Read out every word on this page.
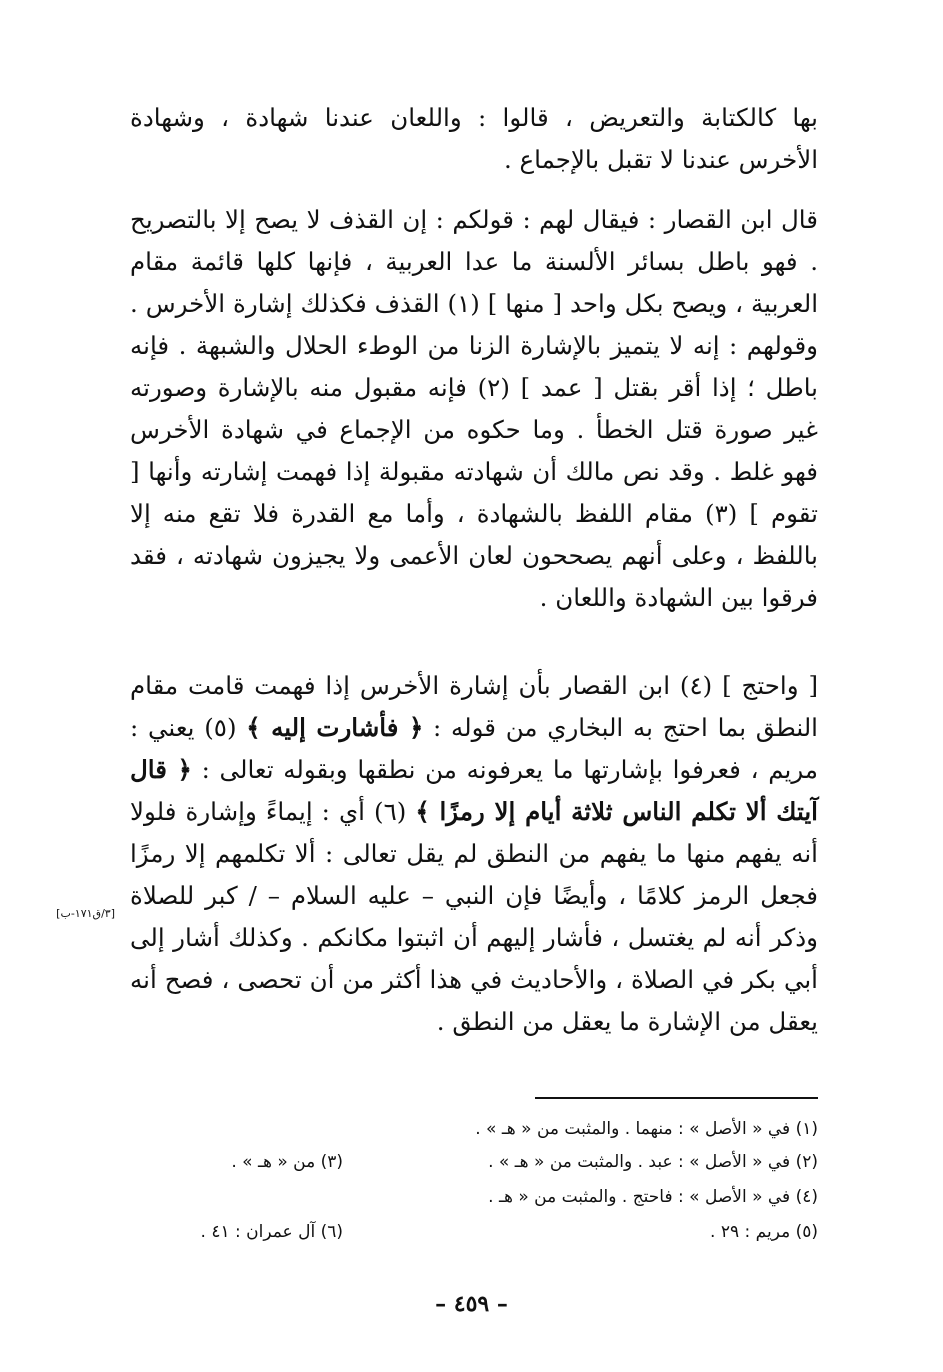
بها كالكتابة والتعريض ، قالوا : واللعان عندنا شهادة ، وشهادة الأخرس عندنا لا تقبل بالإجماع .

قال ابن القصار : فيقال لهم : قولكم : إن القذف لا يصح إلا بالتصريح . فهو باطل بسائر الألسنة ما عدا العربية ، فإنها كلها قائمة مقام العربية ، ويصح بكل واحد [ منها ] (١) القذف فكذلك إشارة الأخرس . وقولهم : إنه لا يتميز بالإشارة الزنا من الوطء الحلال والشبهة . فإنه باطل ؛ إذا أقر بقتل [ عمد ] (٢) فإنه مقبول منه بالإشارة وصورته غير صورة قتل الخطأ . وما حكوه من الإجماع في شهادة الأخرس فهو غلط . وقد نص مالك أن شهادته مقبولة إذا فهمت إشارته وأنها [ تقوم ] (٣) مقام اللفظ بالشهادة ، وأما مع القدرة فلا تقع منه إلا باللفظ ، وعلى أنهم يصححون لعان الأعمى ولا يجيزون شهادته ، فقد فرقوا بين الشهادة واللعان .

[ واحتج ] (٤) ابن القصار بأن إشارة الأخرس إذا فهمت قامت مقام النطق بما احتج به البخاري من قوله : ﴿ فأشارت إليه ﴾ (٥) يعني : مريم ، فعرفوا بإشارتها ما يعرفونه من نطقها وبقوله تعالى : ﴿ قال آيتك ألا تكلم الناس ثلاثة أيام إلا رمزًا ﴾ (٦) أي : إيماءً وإشارة فلولا أنه يفهم منها ما يفهم من النطق لم يقل تعالى : ألا تكلمهم إلا رمزًا فجعل الرمز كلامًا ، وأيضًا فإن النبي – عليه السلام – / كبر للصلاة وذكر أنه لم يغتسل ، فأشار إليهم أن اثبتوا مكانكم . وكذلك أشار إلى أبي بكر في الصلاة ، والأحاديث في هذا أكثر من أن تحصى ، فصح أنه يعقل من الإشارة ما يعقل من النطق .

[٣/ق١٧١-ب]
(١) في « الأصل » : منهما . والمثبت من « هـ » .
(٢) في « الأصل » : عبد . والمثبت من « هـ » .
(٣) من « هـ » .
(٤) في « الأصل » : فاحتج . والمثبت من « هـ .
(٥) مريم : ٢٩ .
(٦) آل عمران : ٤١ .
– ٤٥٩ –
